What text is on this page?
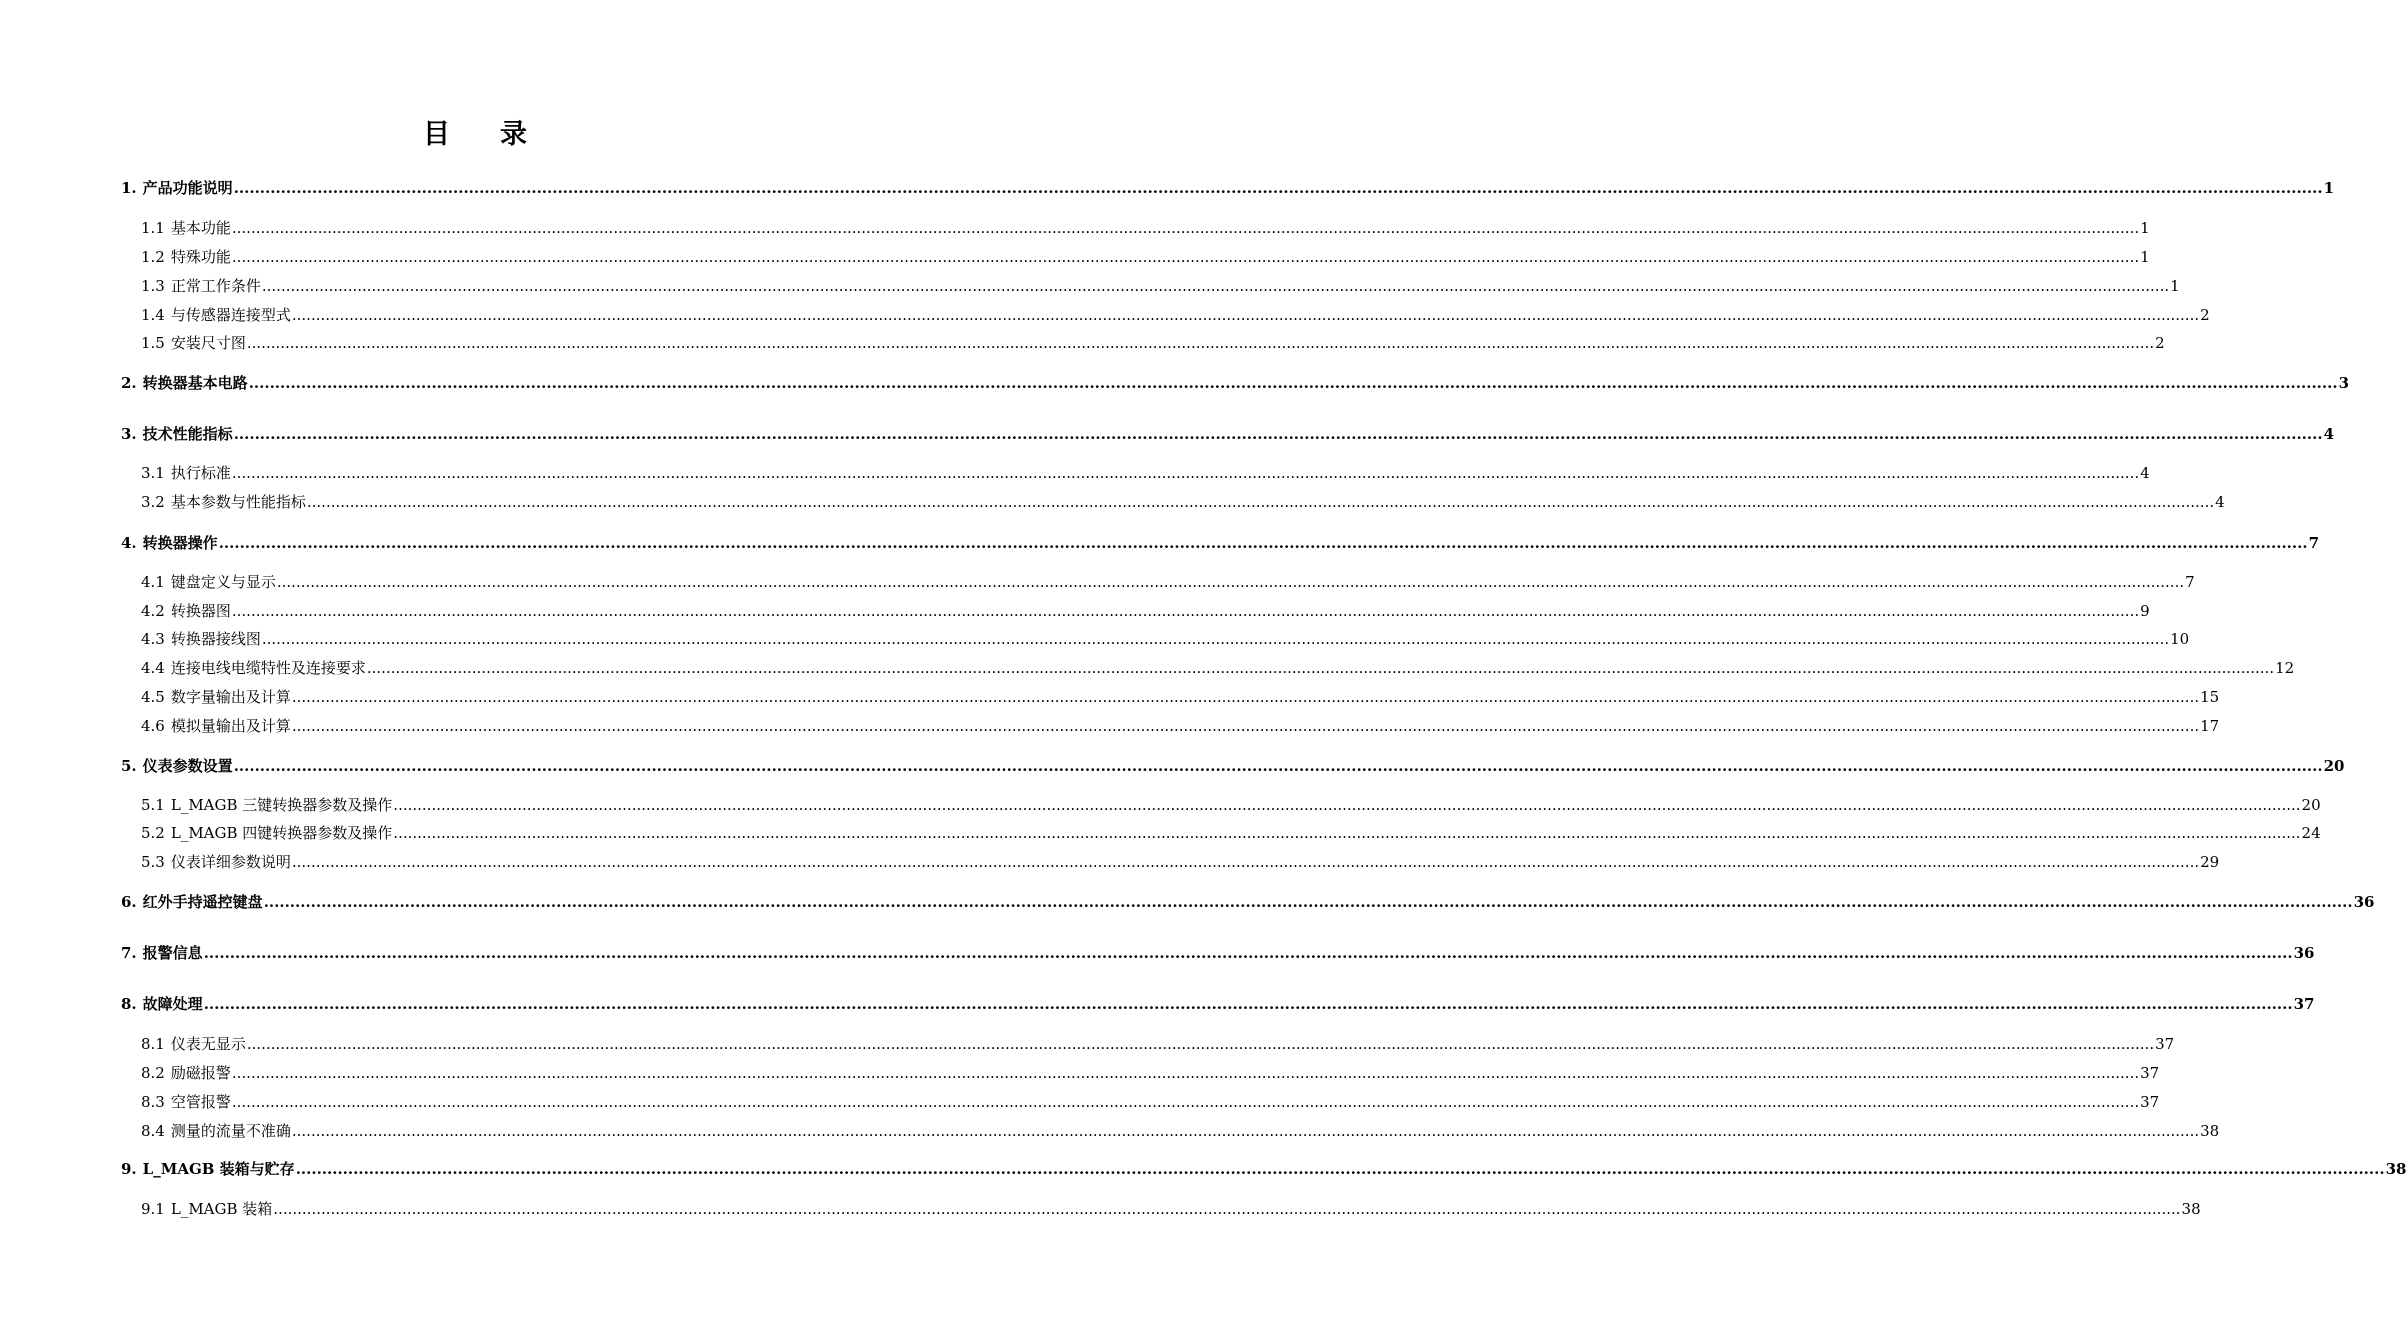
目 录
1. 产品功能说明 ................................................................................................................................................................................................................................................................................................................................................................................................................ 1
1.1 基本功能 ................................................................................................................................................................................................................................................................................................................................................................................................................ 1
1.2 特殊功能 ................................................................................................................................................................................................................................................................................................................................................................................................................ 1
1.3 正常工作条件 ................................................................................................................................................................................................................................................................................................................................................................................................................ 1
1.4 与传感器连接型式 ................................................................................................................................................................................................................................................................................................................................................................................................................ 2
1.5 安装尺寸图 ................................................................................................................................................................................................................................................................................................................................................................................................................ 2
2. 转换器基本电路 ................................................................................................................................................................................................................................................................................................................................................................................................................ 3
3. 技术性能指标 ................................................................................................................................................................................................................................................................................................................................................................................................................ 4
3.1 执行标准 ................................................................................................................................................................................................................................................................................................................................................................................................................ 4
3.2 基本参数与性能指标 ................................................................................................................................................................................................................................................................................................................................................................................................................ 4
4. 转换器操作 ................................................................................................................................................................................................................................................................................................................................................................................................................ 7
4.1 键盘定义与显示 ................................................................................................................................................................................................................................................................................................................................................................................................................ 7
4.2 转换器图 ................................................................................................................................................................................................................................................................................................................................................................................................................ 9
4.3 转换器接线图 ................................................................................................................................................................................................................................................................................................................................................................................................................ 10
4.4 连接电线电缆特性及连接要求 ................................................................................................................................................................................................................................................................................................................................................................................................................ 12
4.5 数字量输出及计算 ................................................................................................................................................................................................................................................................................................................................................................................................................ 15
4.6 模拟量输出及计算 ................................................................................................................................................................................................................................................................................................................................................................................................................ 17
5. 仪表参数设置 ................................................................................................................................................................................................................................................................................................................................................................................................................ 20
5.1 L_MAGB 三键转换器参数及操作 ................................................................................................................................................................................................................................................................................................................................................................................................................ 20
5.2 L_MAGB 四键转换器参数及操作 ................................................................................................................................................................................................................................................................................................................................................................................................................ 24
5.3 仪表详细参数说明 ................................................................................................................................................................................................................................................................................................................................................................................................................ 29
6. 红外手持遥控键盘 ................................................................................................................................................................................................................................................................................................................................................................................................................ 36
7. 报警信息 ................................................................................................................................................................................................................................................................................................................................................................................................................ 36
8. 故障处理 ................................................................................................................................................................................................................................................................................................................................................................................................................ 37
8.1 仪表无显示 ................................................................................................................................................................................................................................................................................................................................................................................................................ 37
8.2 励磁报警 ................................................................................................................................................................................................................................................................................................................................................................................................................ 37
8.3 空管报警 ................................................................................................................................................................................................................................................................................................................................................................................................................ 37
8.4 测量的流量不准确 ................................................................................................................................................................................................................................................................................................................................................................................................................ 38
9. L_MAGB 装箱与贮存 ................................................................................................................................................................................................................................................................................................................................................................................................................ 38
9.1 L_MAGB 装箱 ................................................................................................................................................................................................................................................................................................................................................................................................................ 38
